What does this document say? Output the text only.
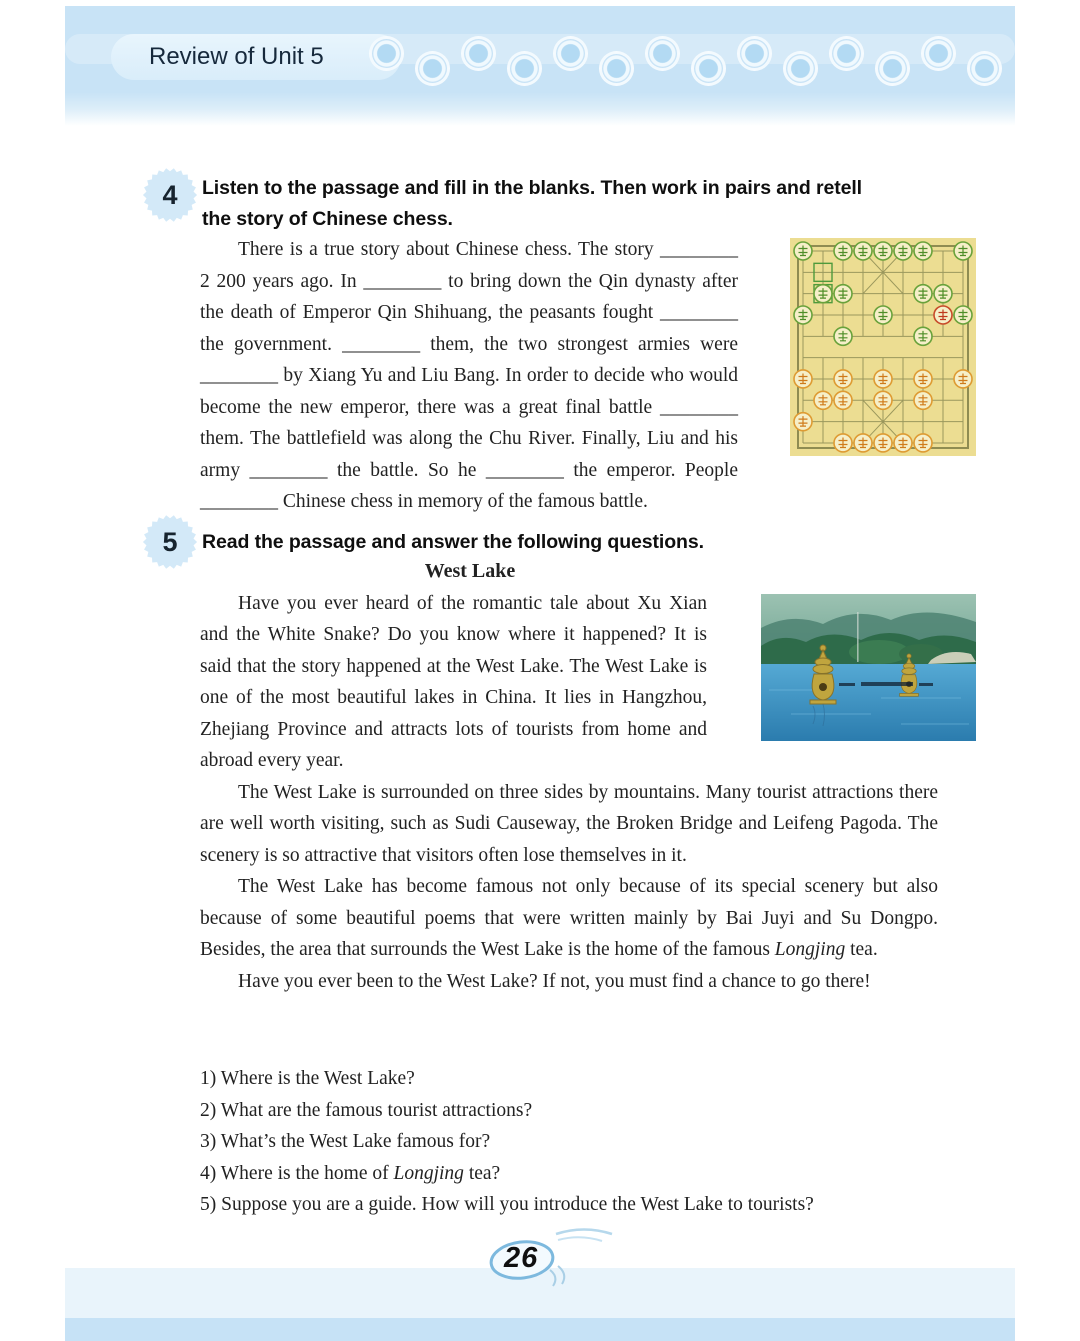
Review of Unit 5
4 Listen to the passage and fill in the blanks. Then work in pairs and retell
the story of Chinese chess.
There is a true story about Chinese chess. The story ________ 2 200 years ago. In ________ to bring down the Qin dynasty after the death of Emperor Qin Shihuang, the peasants fought ________ the government. ________ them, the two strongest armies were ________ by Xiang Yu and Liu Bang. In order to decide who would become the new emperor, there was a great final battle ________ them. The battlefield was along the Chu River. Finally, Liu and his army ________ the battle. So he ________ the emperor. People ________ Chinese chess in memory of the famous battle.
5 Read the passage and answer the following questions.
West Lake

Have you ever heard of the romantic tale about Xu Xian and the White Snake? Do you know where it happened? It is said that the story happened at the West Lake. The West Lake is one of the most beautiful lakes in China. It lies in Hangzhou, Zhejiang Province and attracts lots of tourists from home and abroad every year.

The West Lake is surrounded on three sides by mountains. Many tourist attractions there are well worth visiting, such as Sudi Causeway, the Broken Bridge and Leifeng Pagoda. The scenery is so attractive that visitors often lose themselves in it.

The West Lake has become famous not only because of its special scenery but also because of some beautiful poems that were written mainly by Bai Juyi and Su Dongpo. Besides, the area that surrounds the West Lake is the home of the famous Longjing tea.

Have you ever been to the West Lake? If not, you must find a chance to go there!

1) Where is the West Lake?
2) What are the famous tourist attractions?
3) What’s the West Lake famous for?
4) Where is the home of Longjing tea?
5) Suppose you are a guide. How will you introduce the West Lake to tourists?
26
